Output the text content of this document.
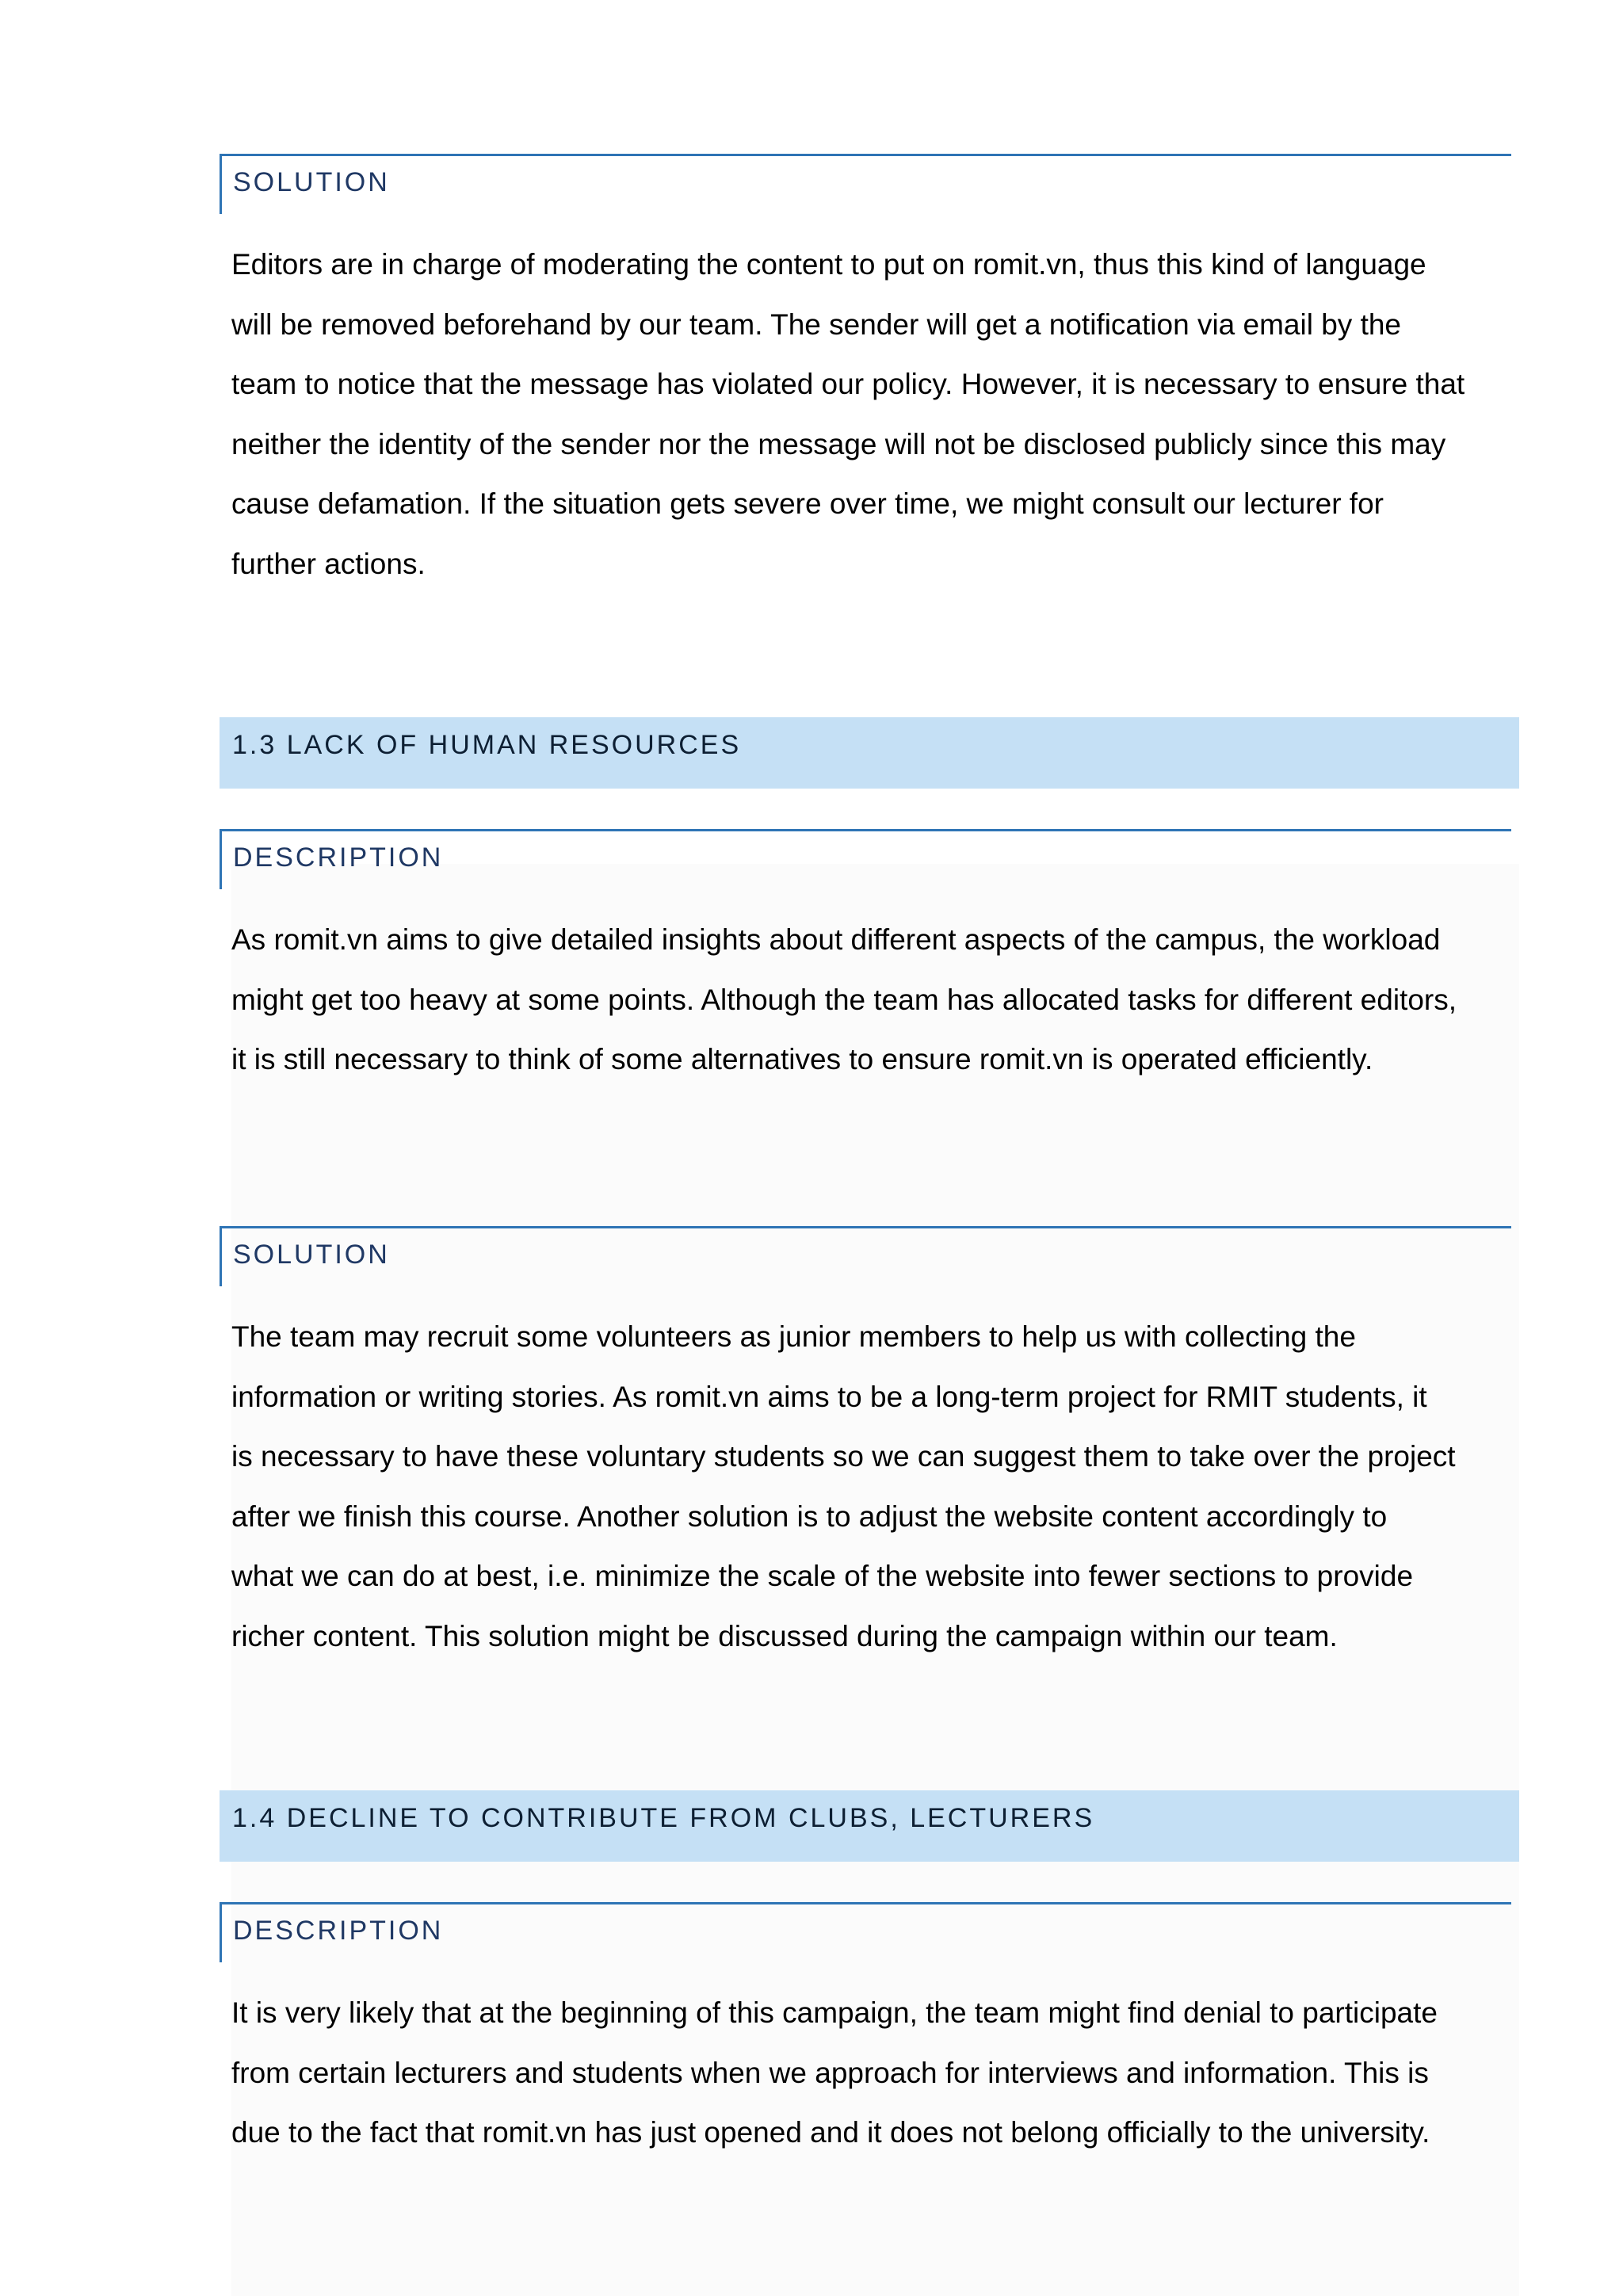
SOLUTION
Editors are in charge of moderating the content to put on romit.vn, thus this kind of language
will be removed beforehand by our team. The sender will get a notification via email by the
team to notice that the message has violated our policy. However, it is necessary to ensure that
neither the identity of the sender nor the message will not be disclosed publicly since this may
cause defamation. If the situation gets severe over time, we might consult our lecturer for
further actions.
1.3 LACK OF HUMAN RESOURCES
DESCRIPTION
As romit.vn aims to give detailed insights about different aspects of the campus, the workload
might get too heavy at some points. Although the team has allocated tasks for different editors,
it is still necessary to think of some alternatives to ensure romit.vn is operated efficiently.
SOLUTION
The team may recruit some volunteers as junior members to help us with collecting the
information or writing stories. As romit.vn aims to be a long-term project for RMIT students, it
is necessary to have these voluntary students so we can suggest them to take over the project
after we finish this course. Another solution is to adjust the website content accordingly to
what we can do at best, i.e. minimize the scale of the website into fewer sections to provide
richer content. This solution might be discussed during the campaign within our team.
1.4 DECLINE TO CONTRIBUTE FROM CLUBS, LECTURERS
DESCRIPTION
It is very likely that at the beginning of this campaign, the team might find denial to participate
from certain lecturers and students when we approach for interviews and information. This is
due to the fact that romit.vn has just opened and it does not belong officially to the university.
